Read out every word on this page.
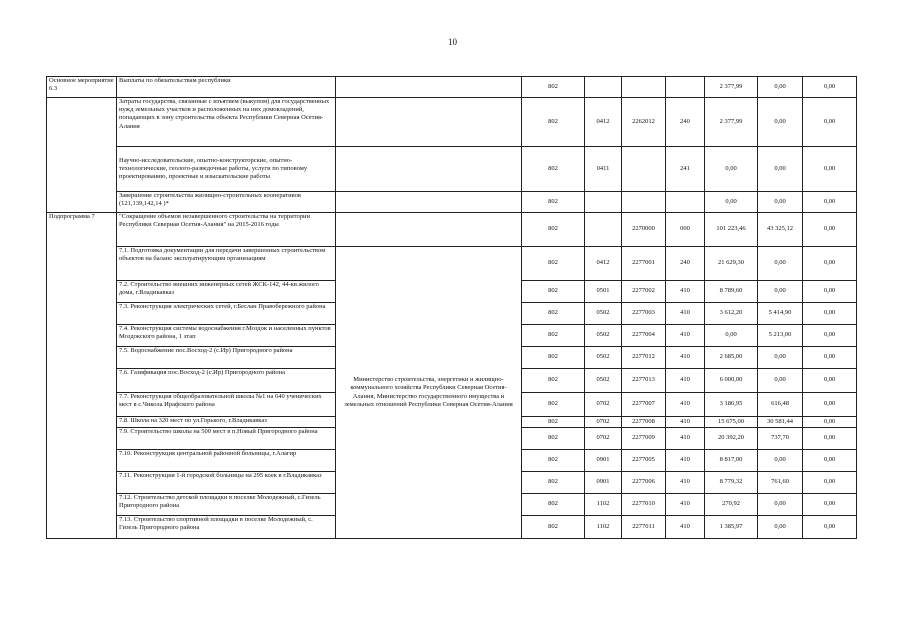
10
Основное мероприятие 6.3	Выплаты по обязательствам республики		802				2 377,99	0,00	0,00
	Затраты государства, связанные с изъятием (выкупом) для государственных нужд земельных участков и расположенных на них домовладений, попадающих в зону строительства объекта Республики Северная Осетия-Алания		802	0412	2262012	240	2 377,99	0,00	0,00
	Научно-исследовательские, опытно-конструкторские, опытно-технологические, геолого-разведочные работы, услуги по типовому проектированию, проектные и изыскательские работы		802	0411		241	0,00	0,00	0,00
	Завершение строительства жилищно-строительных кооперативов (121,139,142,14 )*		802				0,00	0,00	0,00
Подпрограмма 7	"Сокращение объемов незавершенного строительства на территории Республики Северная Осетия-Алания" на 2015-2016 годы		802		2270000	000	101 223,46	43 325,12	0,00
	7.1. Подготовка документации для передачи завершенных строительством объектов на баланс эксплуатирующим организациям	Министерство строительства, энергетики и жилищно-коммунального хозяйства Республики Северная Осетия-Алания, Министерство государственного имущества и земельных отношений Республики Северная Осетия-Алания	802	0412	2277001	240	21 629,30	0,00	0,00
	7.2. Строительство внешних инженерных сетей ЖСК-142, 44-кв.жилого дома, г.Владикавказ		802	0501	2277002	410	8 789,60	0,00	0,00
	7.3. Реконструкция электрических сетей, г.Беслан Правобережного района		802	0502	2277003	410	3 612,20	5 414,90	0,00
	7.4. Реконструкция системы водоснабжения г.Моздок и населенных пунктов Моздокского района, 1 этап		802	0502	2277004	410	0,00	5 213,00	0,00
	7.5. Водоснабжение пос.Восход-2 (с.Ир) Пригородного района		802	0502	2277012	410	2 685,00	0,00	0,00
	7.6. Газификация пос.Восход-2 (с.Ир) Пригородного района		802	0502	2277013	410	6 000,00	0,00	0,00
	7.7. Реконструкция общеобразовательной школы №1 на 640 ученических мест в с.Чикола Ирафского района		802	0702	2277007	410	3 186,95	616,48	0,00
	7.8. Школа на 320 мест по ул.Горького, г.Владикавказ		802	0702	2277008	410	15 675,00	30 581,44	0,00
	7.9. Строительство школы на 500 мест в п.Новый Пригородного района		802	0702	2277009	410	20 392,20	737,70	0,00
	7.10. Реконструкция центральной районной больницы, г.Алагир		802	0901	2277005	410	8 817,00	0,00	0,00
	7.11. Реконструкция 1-й городской больницы на 295 коек в г.Владикавказ		802	0901	2277006	410	8 779,32	761,60	0,00
	7.12. Строительство детской площадки в поселке Молодежный, с.Гизель Пригородного района		802	1102	2277010	410	270,92	0,00	0,00
	7.13. Строительство спортивной площадки в поселке Молодежный, с. Гизель Пригородного района		802	1102	2277011	410	1 385,97	0,00	0,00
